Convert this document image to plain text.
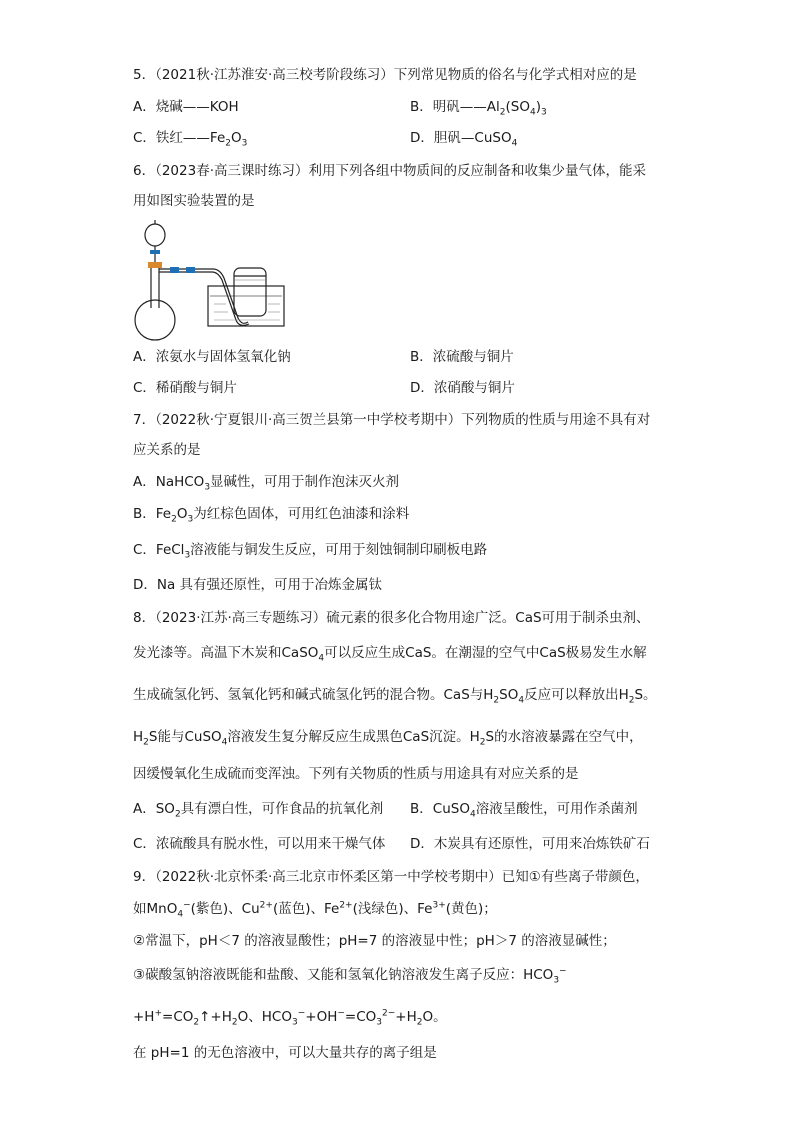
5．（2021秋·江苏淮安·高三校考阶段练习）下列常见物质的俗名与化学式相对应的是
A．烧碱——KOH	B．明矾$——Al_2(SO_4)_3$
C．铁红$——Fe_2O_3$	D．胆矾—CuSO$_4$
6．（2023春·高三课时练习）利用下列各组中物质间的反应制备和收集少量气体，能采
用如图实验装置的是
A．浓氨水与固体氢氧化钠	B．浓硫酸与铜片
C．稀硝酸与铜片	D．浓硝酸与铜片
7．（2022秋·宁夏银川·高三贺兰县第一中学校考期中）下列物质的性质与用途不具有对
应关系的是
A．NaHCO$_3$显碱性，可用于制作泡沫灭火剂
B．$Fe_2O_3$为红棕色固体，可用红色油漆和涂料
C．FeCl$_3$溶液能与铜发生反应，可用于刻蚀铜制印刷板电路
D．Na 具有强还原性，可用于冶炼金属钛
8．（2023·江苏·高三专题练习）硫元素的很多化合物用途广泛。CaS可用于制杀虫剂、
发光漆等。高温下木炭和CaSO$_4$可以反应生成CaS。在潮湿的空气中CaS极易发生水解
生成硫氢化钙、氢氧化钙和碱式硫氢化钙的混合物。CaS与$H_2SO_4$反应可以释放出$H_2S$。
$H_2S$能与CuSO$_4$溶液发生复分解反应生成黑色CaS沉淀。$H_2S$的水溶液暴露在空气中，
因缓慢氧化生成硫而变浑浊。下列有关物质的性质与用途具有对应关系的是
A．$SO_2$具有漂白性，可作食品的抗氧化剂 B．CuSO$_4$溶液呈酸性，可用作杀菌剂
C．浓硫酸具有脱水性，可以用来干燥气体 D．木炭具有还原性，可用来冶炼铁矿石
9．（2022秋·北京怀柔·高三北京市怀柔区第一中学校考期中）已知①有些离子带颜色，
如MnO$_4$−(紫色)、$Cu^{2+}$(蓝色)、$Fe^{2+}$(浅绿色)、$Fe^{3+}$(黄色)；
②常温下，pH＜7 的溶液显酸性；pH=7 的溶液显中性；pH＞7 的溶液显碱性；
③碳酸氢钠溶液既能和盐酸、又能和氢氧化钠溶液发生离子反应：$HCO_3^-$
$+H^+=CO_2↑+H_2O$、$HCO_3^-+OH^-=CO_3^{2-}+H_2O$。
在 pH=1 的无色溶液中，可以大量共存的离子组是
